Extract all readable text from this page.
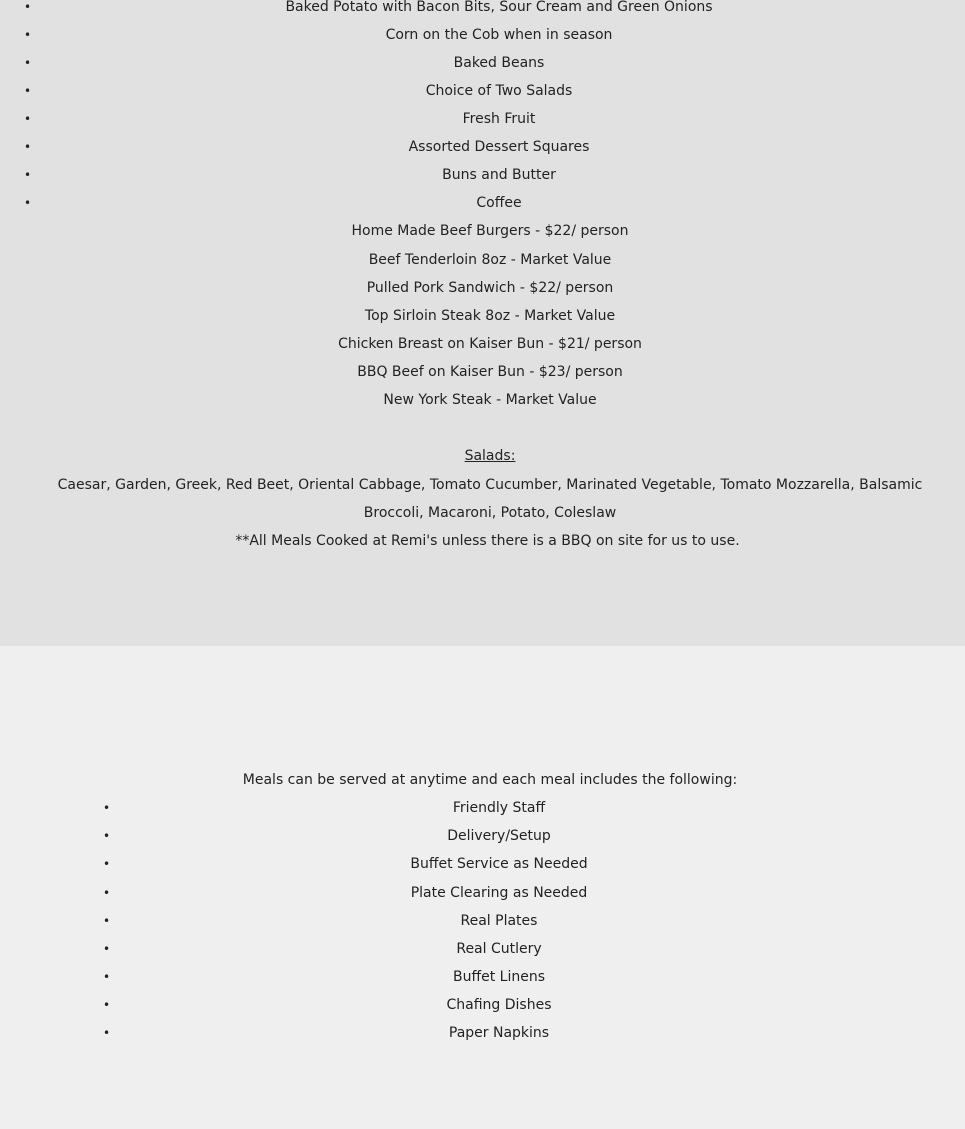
•	Baked Potato with Bacon Bits, Sour Cream and Green Onions
•	Corn on the Cob when in season
•	Baked Beans
•	Choice of Two Salads
•	Fresh Fruit
•	Assorted Dessert Squares
•	Buns and Butter
•	Coffee
Home Made Beef Burgers - $22/ person
Beef Tenderloin 8oz - Market Value
Pulled Pork Sandwich - $22/ person
Top Sirloin Steak 8oz - Market Value
Chicken Breast on Kaiser Bun - $21/ person
BBQ Beef on Kaiser Bun - $23/ person
New York Steak - Market Value
Salads:
Caesar, Garden, Greek, Red Beet, Oriental Cabbage, Tomato Cucumber, Marinated Vegetable, Tomato Mozzarella, Balsamic Broccoli, Macaroni, Potato, Coleslaw
**All Meals Cooked at Remi's unless there is a BBQ on site for us to use.
Meals can be served at anytime and each meal includes the following:
•	Friendly Staff
•	Delivery/Setup
•	Buffet Service as Needed
•	Plate Clearing as Needed
•	Real Plates
•	Real Cutlery
•	Buffet Linens
•	Chafing Dishes
•	Paper Napkins
